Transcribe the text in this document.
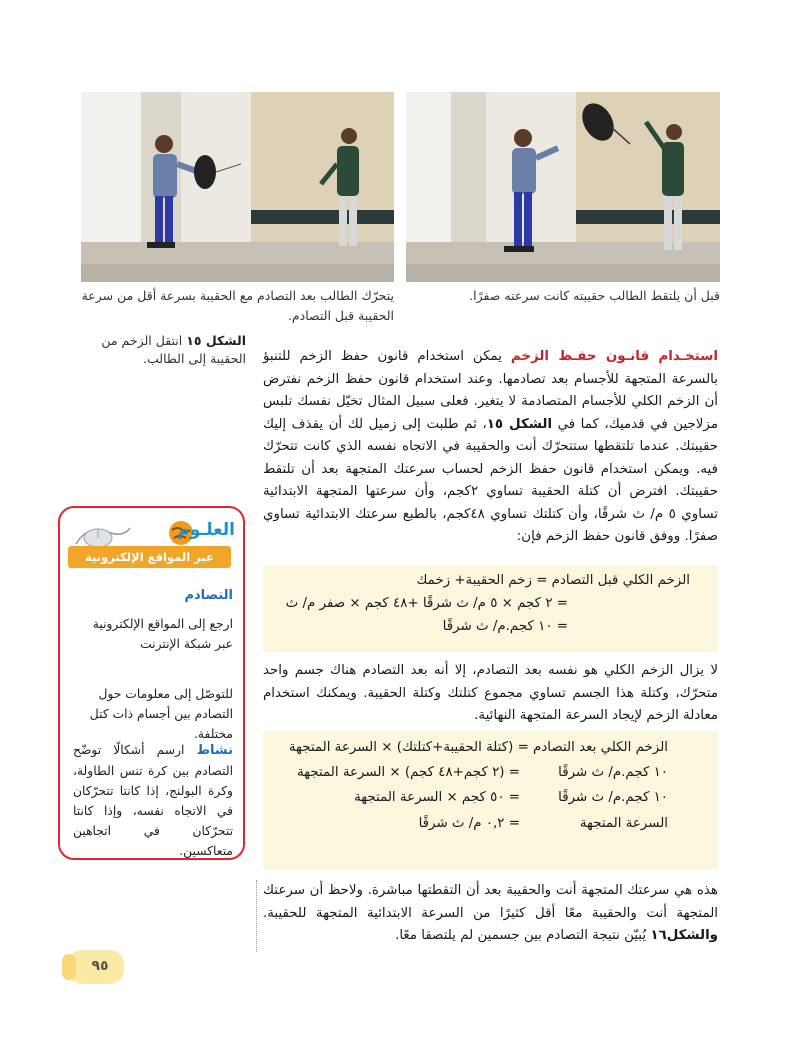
يتحرّك الطالب بعد التصادم مع الحقيبة بسرعة أقل من سرعة الحقيبة قبل التصادم.
قبل أن يلتقط الطالب حقيبته كانت سرعته صفرًا.
الشكل ١٥ انتقل الزخم من الحقيبة إلى الطالب.	استخـدام قانـون حفـظ الزخم يمكن استخدام قانون حفظ الزخم للتنبؤ بالسرعة المتجهة للأجسام بعد تصادمها. وعند استخدام قانون حفظ الزخم نفترض أن الزخم الكلي للأجسام المتصادمة لا يتغير. فعلى سبيل المثال تخيّل نفسك تلبس مزلاجين في قدميك، كما في الشكل ١٥، ثم طلبت إلى زميل لك أن يقذف إليك حقيبتك. عندما تلتقطها ستتحرّك أنت والحقيبة في الاتجاه نفسه الذي كانت تتحرّك فيه. ويمكن استخدام قانون حفظ الزخم لحساب سرعتك المتجهة بعد أن تلتقط حقيبتك. افترض أن كتلة الحقيبة تساوي ٢كجم، وأن سرعتها المتجهة الابتدائية تساوي ٥ م/ ث شرقًا، وأن كتلتك تساوي ٤٨كجم، بالطبع سرعتك الابتدائية تساوي صفرًا. ووفق قانون حفظ الزخم فإن:
الزخم الكلي قبل التصادم = زخم الحقيبة+ زخمك
= ٢ كجم × ٥ م/ ث شرقًا +٤٨ كجم × صفر م/ ث
= ١٠ كجم.م/ ث شرقًا
لا يزال الزخم الكلي هو نفسه بعد التصادم، إلا أنه بعد التصادم هناك جسم واحد متحرّك، وكتلة هذا الجسم تساوي مجموع كتلتك وكتلة الحقيبة. ويمكنك استخدام معادلة الزخم لإيجاد السرعة المتجهة النهائية.
الزخم الكلي بعد التصادم = (كتلة الحقيبة+كتلتك) × السرعة المتجهة
١٠ كجم.م/ ث شرقًا
= (٢ كجم+٤٨ كجم) × السرعة المتجهة
١٠ كجم.م/ ث شرقًا
= ٥٠ كجم × السرعة المتجهة
السرعة المتجهة
= ٠,٢ م/ ث شرقًا
هذه هي سرعتك المتجهة أنت والحقيبة بعد أن التقطتها مباشرة. ولاحظ أن سرعتك المتجهة أنت والحقيبة معًا أقل كثيرًا من السرعة الابتدائية المتجهة للحقيبة. والشكل١٦ يُبيّن نتيجة التصادم بين جسمين لم يلتصقا معًا.
العلـوم
عبر المواقع الإلكترونية
التصادم
ارجع إلى المواقع الإلكترونية عبر شبكة الإنترنت
للتوصّل إلى معلومات حول التصادم بين أجسام ذات كتل مختلفة.
نشاط ارسم أشكالًا توضّح التصادم بين كرة تنس الطاولة، وكرة البولنج، إذا كانتا تتحرّكان في الاتجاه نفسه، وإذا كانتا تتحرّكان في اتجاهين متعاكسين.
٩٥
